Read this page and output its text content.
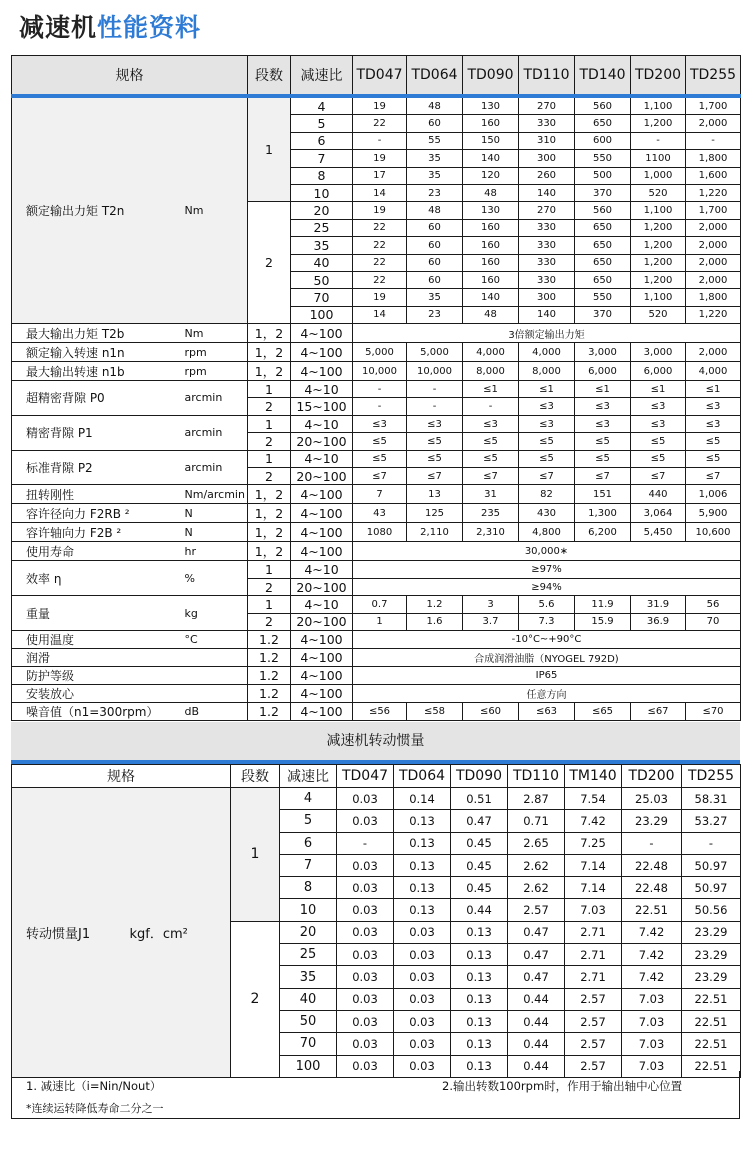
减速机性能资料
规格		段数	减速比	TD047	TD064	TD090	TD110	TD140	TD200	TD255
额定输出力矩 T2n	Nm	1	4	19	48	130	270	560	1,100	1,700
			5	22	60	160	330	650	1,200	2,000
			6	-	55	150	310	600	-	-
			7	19	35	140	300	550	1100	1,800
			8	17	35	120	260	500	1,000	1,600
			10	14	23	48	140	370	520	1,220
		2	20	19	48	130	270	560	1,100	1,700
			25	22	60	160	330	650	1,200	2,000
			35	22	60	160	330	650	1,200	2,000
			40	22	60	160	330	650	1,200	2,000
			50	22	60	160	330	650	1,200	2,000
			70	19	35	140	300	550	1,100	1,800
			100	14	23	48	140	370	520	1,220
最大输出力矩 T2b	Nm	1，2	4~100	3倍额定输出力矩						
额定输入转速 n1n	rpm	1，2	4~100	5,000	5,000	4,000	4,000	3,000	3,000	2,000
最大输出转速 n1b	rpm	1，2	4~100	10,000	10,000	8,000	8,000	6,000	6,000	4,000
超精密背隙 P0	arcmin	1	4~10	-	-	≤1	≤1	≤1	≤1	≤1
		2	15~100	-	-	-	≤3	≤3	≤3	≤3
精密背隙 P1	arcmin	1	4~10	≤3	≤3	≤3	≤3	≤3	≤3	≤3
		2	20~100	≤5	≤5	≤5	≤5	≤5	≤5	≤5
标准背隙 P2	arcmin	1	4~10	≤5	≤5	≤5	≤5	≤5	≤5	≤5
		2	20~100	≤7	≤7	≤7	≤7	≤7	≤7	≤7
扭转刚性	Nm/arcmin	1，2	4~100	7	13	31	82	151	440	1,006
容许径向力 F2RB ²	N	1，2	4~100	43	125	235	430	1,300	3,064	5,900
容许轴向力 F2B ²	N	1，2	4~100	1080	2,110	2,310	4,800	6,200	5,450	10,600
使用寿命	hr	1，2	4~100	30,000∗						
效率 η	%	1	4~10	≥97%						
		2	20~100	≥94%						
重量	kg	1	4~10	0.7	1.2	3	5.6	11.9	31.9	56
		2	20~100	1	1.6	3.7	7.3	15.9	36.9	70
使用温度	°C	1.2	4~100	-10°C~+90°C						
润滑		1.2	4~100	合成润滑油脂（NYOGEL 792D)						
防护等级		1.2	4~100	IP65						
安装放心		1.2	4~100	任意方向						
噪音值（n1=300rpm）	dB	1.2	4~100	≤56	≤58	≤60	≤63	≤65	≤67	≤70
减速机转动惯量
规格		段数	减速比	TD047	TD064	TD090	TD110	TM140	TD200	TD255
转动惯量J1	kgf．cm²	1	4	0.03	0.14	0.51	2.87	7.54	25.03	58.31
			5	0.03	0.13	0.47	0.71	7.42	23.29	53.27
			6	-	0.13	0.45	2.65	7.25	-	-
			7	0.03	0.13	0.45	2.62	7.14	22.48	50.97
			8	0.03	0.13	0.45	2.62	7.14	22.48	50.97
			10	0.03	0.13	0.44	2.57	7.03	22.51	50.56
		2	20	0.03	0.03	0.13	0.47	2.71	7.42	23.29
			25	0.03	0.03	0.13	0.47	2.71	7.42	23.29
			35	0.03	0.03	0.13	0.47	2.71	7.42	23.29
			40	0.03	0.03	0.13	0.44	2.57	7.03	22.51
			50	0.03	0.03	0.13	0.44	2.57	7.03	22.51
			70	0.03	0.03	0.13	0.44	2.57	7.03	22.51
			100	0.03	0.03	0.13	0.44	2.57	7.03	22.51
1. 减速比（i=Nin/Nout）	2.输出转数100rpm时，作用于输出轴中心位置
*连续运转降低寿命二分之一
